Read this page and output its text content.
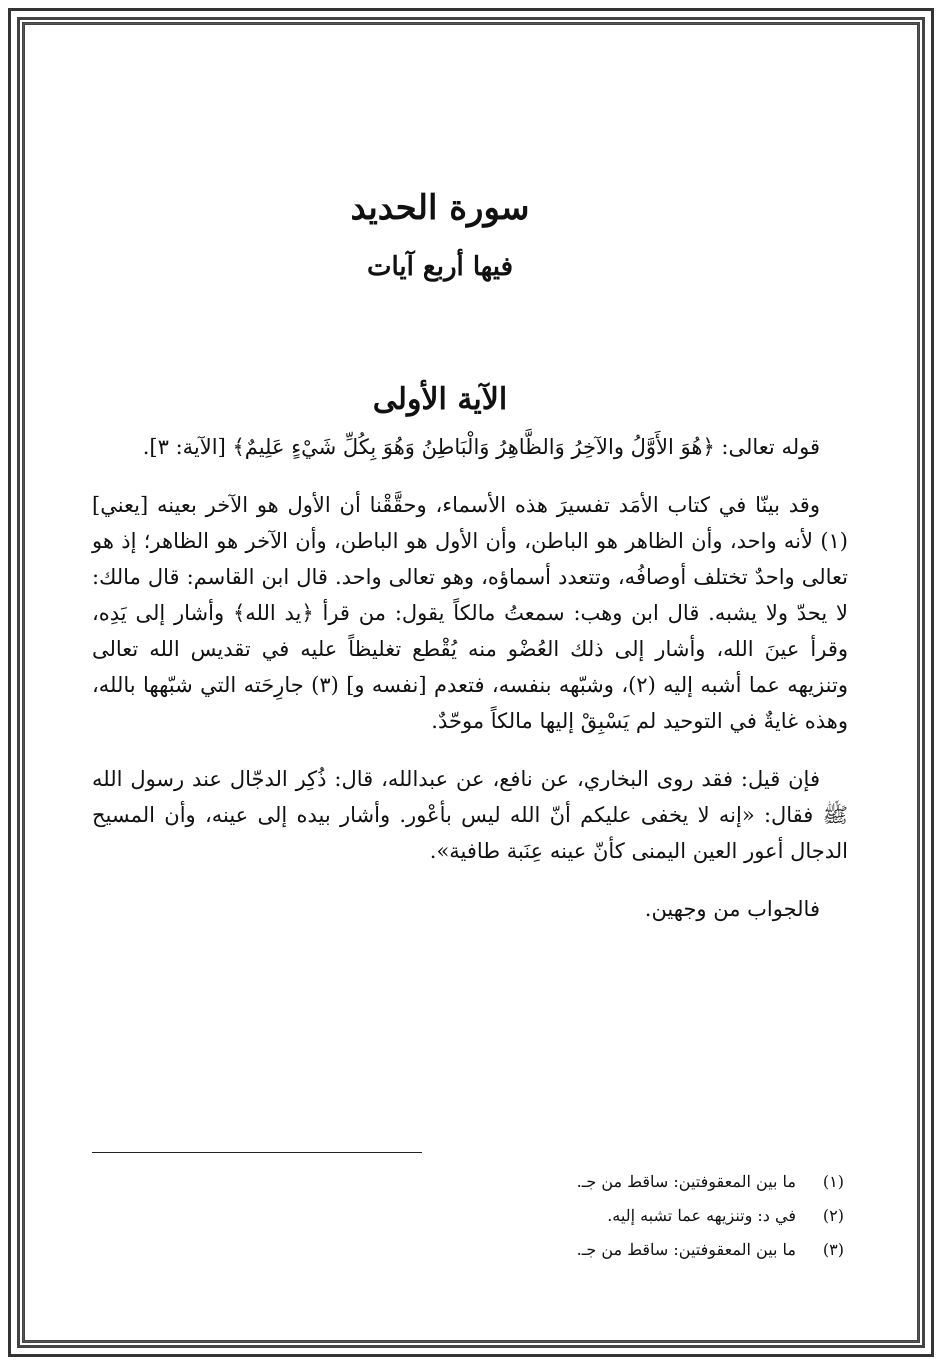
سورة الحديد
فيها أربع آيات
الآية الأولى

قوله تعالى: ﴿هُوَ الأَوَّلُ والآخِرُ وَالظَّاهِرُ وَالْبَاطِنُ وَهُوَ بِكُلِّ شَيْءٍ عَلِيمٌ﴾ [الآية: ٣].

وقد بينّا في كتاب الأمَد تفسيرَ هذه الأسماء، وحقَّقْنا أن الأول هو الآخر بعينه [يعني] (١) لأنه واحد، وأن الظاهر هو الباطن، وأن الأول هو الباطن، وأن الآخر هو الظاهر؛ إذ هو تعالى واحدٌ تختلف أوصافُه، وتتعدد أسماؤه، وهو تعالى واحد. قال ابن القاسم: قال مالك: لا يحدّ ولا يشبه. قال ابن وهب: سمعتُ مالكاً يقول: من قرأ ﴿يد الله﴾ وأشار إلى يَدِه، وقرأ عينَ الله، وأشار إلى ذلك العُضْو منه يُقْطع تغليظاً عليه في تقديس الله تعالى وتنزيهه عما أشبه إليه (٢)، وشبّهه بنفسه، فتعدم [نفسه و] (٣) جارِحَته التي شبّهها بالله، وهذه غايةٌ في التوحيد لم يَسْبِقْ إليها مالكاً موحّدٌ.

فإن قيل: فقد روى البخاري، عن نافع، عن عبدالله، قال: ذُكِر الدجّال عند رسول الله ﷺ فقال: «إنه لا يخفى عليكم أنّ الله ليس بأعْور. وأشار بيده إلى عينه، وأن المسيح الدجال أعور العين اليمنى كأنّ عينه عِنَبة طافية».

فالجواب من وجهين.

(١)
ما بين المعقوفتين: ساقط من جـ.
(٢)
في د: وتنزيهه عما تشبه إليه.
(٣)
ما بين المعقوفتين: ساقط من جـ.
